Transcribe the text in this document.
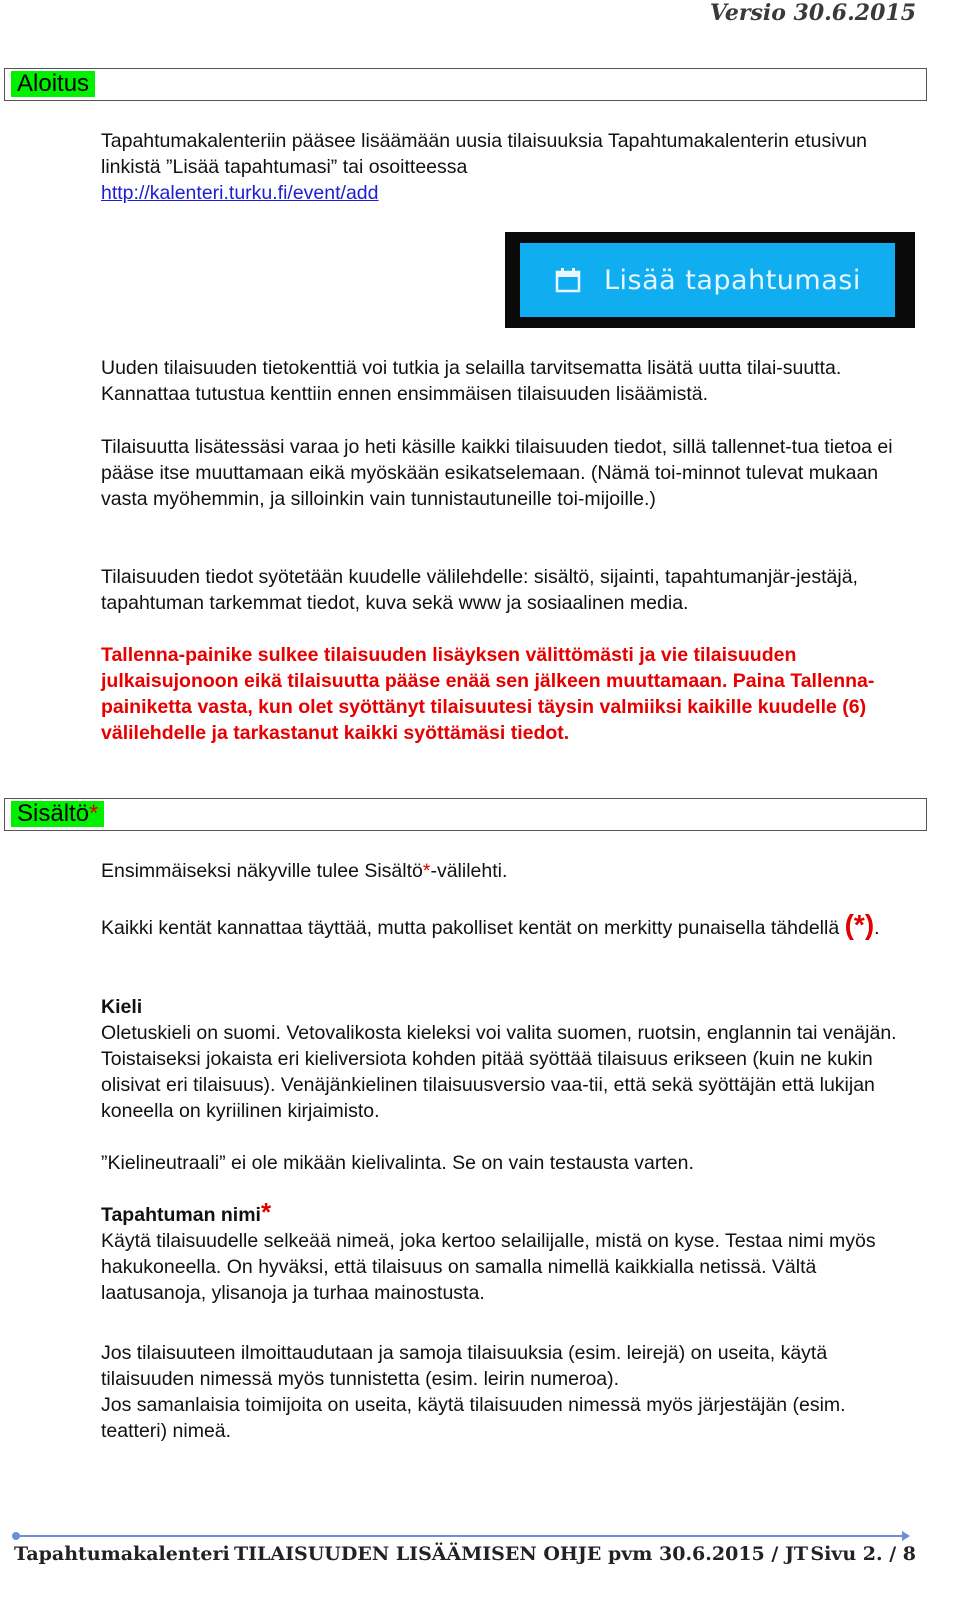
Versio 30.6.2015
Aloitus

Tapahtumakalenteriin pääsee lisäämään uusia tilaisuuksia Tapahtumakalenterin etusivun linkistä ”Lisää tapahtumasi” tai osoitteessa
http://kalenteri.turku.fi/event/add

Lisää tapahtumasi

Uuden tilaisuuden tietokenttiä voi tutkia ja selailla tarvitsematta lisätä uutta tilai-suutta. Kannattaa tutustua kenttiin ennen ensimmäisen tilaisuuden lisäämistä.

Tilaisuutta lisätessäsi varaa jo heti käsille kaikki tilaisuuden tiedot, sillä tallennet-tua tietoa ei pääse itse muuttamaan eikä myöskään esikatselemaan. (Nämä toi-minnot tulevat mukaan vasta myöhemmin, ja silloinkin vain tunnistautuneille toi-mijoille.)

Tilaisuuden tiedot syötetään kuudelle välilehdelle: sisältö, sijainti, tapahtumanjär-jestäjä, tapahtuman tarkemmat tiedot, kuva sekä www ja sosiaalinen media.

Tallenna-painike sulkee tilaisuuden lisäyksen välittömästi ja vie tilaisuuden julkaisujonoon eikä tilaisuutta pääse enää sen jälkeen muuttamaan. Paina Tallenna-painiketta vasta, kun olet syöttänyt tilaisuutesi täysin valmiiksi kaikille kuudelle (6) välilehdelle ja tarkastanut kaikki syöttämäsi tiedot.

Sisältö*

Ensimmäiseksi näkyville tulee Sisältö*-välilehti.

Kaikki kentät kannattaa täyttää, mutta pakolliset kentät on merkitty punaisella tähdellä (*).

Kieli
Oletuskieli on suomi. Vetovalikosta kieleksi voi valita suomen, ruotsin, englannin tai venäjän. Toistaiseksi jokaista eri kieliversiota kohden pitää syöttää tilaisuus erikseen (kuin ne kukin olisivat eri tilaisuus). Venäjänkielinen tilaisuusversio vaa-tii, että sekä syöttäjän että lukijan koneella on kyriilinen kirjaimisto.

”Kielineutraali” ei ole mikään kielivalinta. Se on vain testausta varten.

Tapahtuman nimi*
Käytä tilaisuudelle selkeää nimeä, joka kertoo selailijalle, mistä on kyse. Testaa nimi myös hakukoneella. On hyväksi, että tilaisuus on samalla nimellä kaikkialla netissä. Vältä laatusanoja, ylisanoja ja turhaa mainostusta.

Jos tilaisuuteen ilmoittaudutaan ja samoja tilaisuuksia (esim. leirejä) on useita, käytä tilaisuuden nimessä myös tunnistetta (esim. leirin numeroa).
Jos samanlaisia toimijoita on useita, käytä tilaisuuden nimessä myös järjestäjän (esim. teatteri) nimeä.

Tapahtumakalenteri TILAISUUDEN LISÄÄMISEN OHJE pvm 30.6.2015 / JT Sivu 2. / 8
